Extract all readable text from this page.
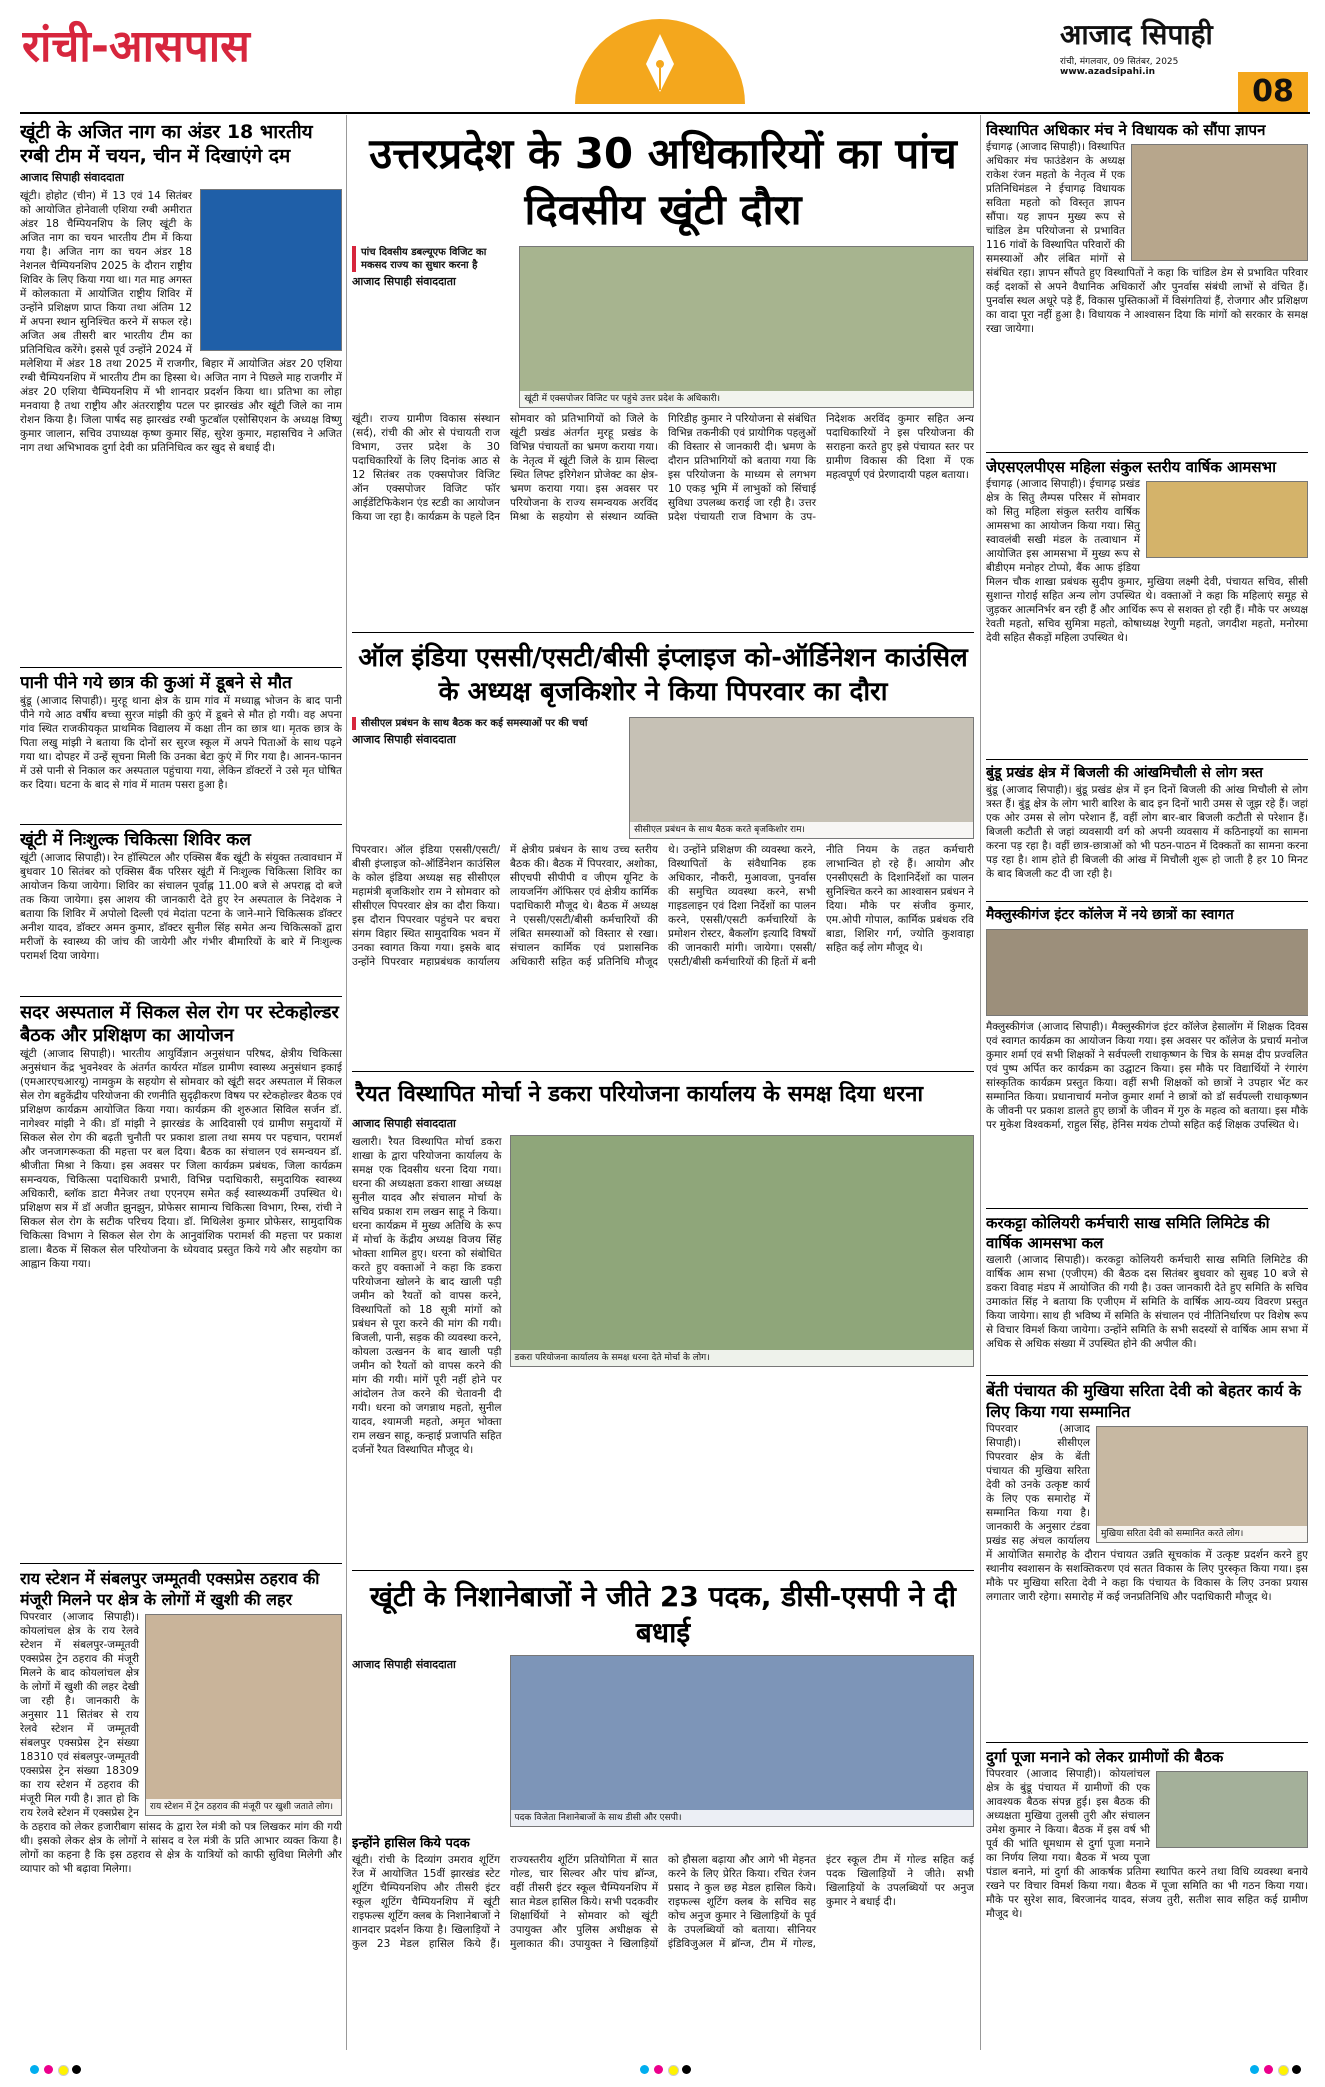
रांची-आसपास	आजाद सिपाही
रांची, मंगलवार, 09 सितंबर, 2025
www.azadsipahi.in
08
खूंटी के अजित नाग का अंडर 18 भारतीय रग्बी टीम में चयन, चीन में दिखाएंगे दम
आजाद सिपाही संवाददाता
खूंटी। होहोट (चीन) में 13 एवं 14 सितंबर को आयोजित होनेवाली एशिया रग्बी अमीरात अंडर 18 चैम्पियनशिप के लिए खूंटी के अजित नाग का चयन भारतीय टीम में किया गया है। अजित नाग का चयन अंडर 18 नेशनल चैम्पियनशिप 2025 के दौरान राष्ट्रीय शिविर के लिए किया गया था। गत माह अगस्त में कोलकाता में आयोजित राष्ट्रीय शिविर में उन्होंने प्रशिक्षण प्राप्त किया तथा अंतिम 12 में अपना स्थान सुनिश्चित करने में सफल रहे। अजित अब तीसरी बार भारतीय टीम का प्रतिनिधित्व करेंगे। इससे पूर्व उन्होंने 2024 में मलेशिया में अंडर 18 तथा 2025 में राजगीर, बिहार में आयोजित अंडर 20 एशिया रग्बी चैम्पियनशिप में भारतीय टीम का हिस्सा थे। अजित नाग ने पिछले माह राजगीर में अंडर 20 एशिया चैम्पियनशिप में भी शानदार प्रदर्शन किया था। प्रतिभा का लोहा मनवाया है तथा राष्ट्रीय और अंतरराष्ट्रीय पटल पर झारखंड और खूंटी जिले का नाम रोशन किया है। जिला पार्षद सह झारखंड रग्बी फुटबॉल एसोसिएशन के अध्यक्ष विष्णु कुमार जालान, सचिव उपाध्यक्ष कृष्ण कुमार सिंह, सुरेश कुमार, महासचिव ने अजित नाग तथा अभिभावक दुर्गा देवी का प्रतिनिधित्व कर खुद से बधाई दी।
पानी पीने गये छात्र की कुआं में डूबने से मौत
बुंडू (आजाद सिपाही)। मुरहू थाना क्षेत्र के ग्राम गांव में मध्याह्न भोजन के बाद पानी पीने गये आठ वर्षीय बच्चा सुरज मांझी की कुएं में डूबने से मौत हो गयी। वह अपना गांव स्थित राजकीयकृत प्राथमिक विद्यालय में कक्षा तीन का छात्र था। मृतक छात्र के पिता लखु मांझी ने बताया कि दोनों सर सुरज स्कूल में अपने पिताओं के साथ पढ़ने गया था। दोपहर में उन्हें सूचना मिली कि उनका बेटा कुएं में गिर गया है। आनन-फानन में उसे पानी से निकाल कर अस्पताल पहुंचाया गया, लेकिन डॉक्टरों ने उसे मृत घोषित कर दिया। घटना के बाद से गांव में मातम पसरा हुआ है।
खूंटी में निःशुल्क चिकित्सा शिविर कल
खूंटी (आजाद सिपाही)। रेन हॉस्पिटल और एक्सिस बैंक खूंटी के संयुक्त तत्वावधान में बुधवार 10 सितंबर को एक्सिस बैंक परिसर खूंटी में निःशुल्क चिकित्सा शिविर का आयोजन किया जायेगा। शिविर का संचालन पूर्वाह्न 11.00 बजे से अपराह्न दो बजे तक किया जायेगा। इस आशय की जानकारी देते हुए रेन अस्पताल के निदेशक ने बताया कि शिविर में अपोलो दिल्ली एवं मेदांता पटना के जाने-माने चिकित्सक डॉक्टर अनीश यादव, डॉक्टर अमन कुमार, डॉक्टर सुनील सिंह समेत अन्य चिकित्सकों द्वारा मरीजों के स्वास्थ्य की जांच की जायेगी और गंभीर बीमारियों के बारे में निःशुल्क परामर्श दिया जायेगा।
सदर अस्पताल में सिकल सेल रोग पर स्टेकहोल्डर बैठक और प्रशिक्षण का आयोजन
खूंटी (आजाद सिपाही)। भारतीय आयुर्विज्ञान अनुसंधान परिषद, क्षेत्रीय चिकित्सा अनुसंधान केंद्र भुवनेश्वर के अंतर्गत कार्यरत मॉडल ग्रामीण स्वास्थ्य अनुसंधान इकाई (एमआरएचआरयू) नामकुम के सहयोग से सोमवार को खूंटी सदर अस्पताल में सिकल सेल रोग बहुकेंद्रीय परियोजना की रणनीति सुदृढ़ीकरण विषय पर स्टेकहोल्डर बैठक एवं प्रशिक्षण कार्यक्रम आयोजित किया गया। कार्यक्रम की शुरुआत सिविल सर्जन डॉ. नागेश्वर मांझी ने की। डॉ मांझी ने झारखंड के आदिवासी एवं ग्रामीण समुदायों में सिकल सेल रोग की बढ़ती चुनौती पर प्रकाश डाला तथा समय पर पहचान, परामर्श और जनजागरूकता की महत्ता पर बल दिया। बैठक का संचालन एवं समन्वयन डॉ. श्रीजीता मिश्रा ने किया। इस अवसर पर जिला कार्यक्रम प्रबंधक, जिला कार्यक्रम समन्वयक, चिकित्सा पदाधिकारी प्रभारी, विभिन्न पदाधिकारी, समुदायिक स्वास्थ्य अधिकारी, ब्लॉक डाटा मैनेजर तथा एएनएम समेत कई स्वास्थ्यकर्मी उपस्थित थे। प्रशिक्षण सत्र में डॉ अजीत झुनझुन, प्रोफेसर सामान्य चिकित्सा विभाग, रिम्स, रांची ने सिकल सेल रोग के सटीक परिचय दिया। डॉ. मिथिलेश कुमार प्रोफेसर, सामुदायिक चिकित्सा विभाग ने सिकल सेल रोग के आनुवांशिक परामर्श की महत्ता पर प्रकाश डाला। बैठक में सिकल सेल परियोजना के ध्येयवाद प्रस्तुत किये गये और सहयोग का आह्वान किया गया।
राय स्टेशन में संबलपुर जम्मूतवी एक्सप्रेस ठहराव की मंजूरी मिलने पर क्षेत्र के लोगों में खुशी की लहर
राय स्टेशन में ट्रेन ठहराव की मंजूरी पर खुशी जताते लोग।
पिपरवार (आजाद सिपाही)। कोयलांचल क्षेत्र के राय रेलवे स्टेशन में संबलपुर-जम्मूतवी एक्सप्रेस ट्रेन ठहराव की मंजूरी मिलने के बाद कोयलांचल क्षेत्र के लोगों में खुशी की लहर देखी जा रही है। जानकारी के अनुसार 11 सितंबर से राय रेलवे स्टेशन में जम्मूतवी संबलपुर एक्सप्रेस ट्रेन संख्या 18310 एवं संबलपुर-जम्मूतवी एक्सप्रेस ट्रेन संख्या 18309 का राय स्टेशन में ठहराव की मंजूरी मिल गयी है। ज्ञात हो कि राय रेलवे स्टेशन में एक्सप्रेस ट्रेन के ठहराव को लेकर हजारीबाग सांसद के द्वारा रेल मंत्री को पत्र लिखकर मांग की गयी थी। इसको लेकर क्षेत्र के लोगों ने सांसद व रेल मंत्री के प्रति आभार व्यक्त किया है। लोगों का कहना है कि इस ठहराव से क्षेत्र के यात्रियों को काफी सुविधा मिलेगी और व्यापार को भी बढ़ावा मिलेगा।
उत्तरप्रदेश के 30 अधिकारियों का पांच दिवसीय खूंटी दौरा
पांच दिवसीय डबल्यूएफ विजिट का मकसद राज्य का सुधार करना है
आजाद सिपाही संवाददाता
खूंटी में एक्सपोजर विजिट पर पहुंचे उत्तर प्रदेश के अधिकारी।
खूंटी। राज्य ग्रामीण विकास संस्थान (सर्द), रांची की ओर से पंचायती राज विभाग, उत्तर प्रदेश के 30 पदाधिकारियों के लिए दिनांक आठ से 12 सितंबर तक एक्सपोजर विजिट ऑन एक्सपोजर विजिट फॉर आईडेंटिफिकेशन एंड स्टडी का आयोजन किया जा रहा है। कार्यक्रम के पहले दिन सोमवार को प्रतिभागियों को जिले के खूंटी प्रखंड अंतर्गत मुरहू प्रखंड के विभिन्न पंचायतों का भ्रमण कराया गया। के नेतृत्व में खूंटी जिले के ग्राम सिल्दा स्थित लिफ्ट इरिगेशन प्रोजेक्ट का क्षेत्र-भ्रमण कराया गया। इस अवसर पर परियोजना के राज्य समन्वयक अरविंद मिश्रा के सहयोग से संस्थान व्यक्ति गिरिडीह कुमार ने परियोजना से संबंधित विभिन्न तकनीकी एवं प्रायोगिक पहलुओं की विस्तार से जानकारी दी। भ्रमण के दौरान प्रतिभागियों को बताया गया कि इस परियोजना के माध्यम से लगभग 10 एकड़ भूमि में लाभुकों को सिंचाई सुविधा उपलब्ध कराई जा रही है। उत्तर प्रदेश पंचायती राज विभाग के उप-निदेशक अरविंद कुमार सहित अन्य पदाधिकारियों ने इस परियोजना की सराहना करते हुए इसे पंचायत स्तर पर ग्रामीण विकास की दिशा में एक महत्वपूर्ण एवं प्रेरणादायी पहल बताया।
ऑल इंडिया एससी/एसटी/बीसी इंप्लाइज को-ऑर्डिनेशन काउंसिल के अध्यक्ष बृजकिशोर ने किया पिपरवार का दौरा
सीसीएल प्रबंधन के साथ बैठक कर कई समस्याओं पर की चर्चा
आजाद सिपाही संवाददाता
सीसीएल प्रबंधन के साथ बैठक करते बृजकिशोर राम।
पिपरवार। ऑल इंडिया एससी/एसटी/बीसी इंप्लाइज को-ऑर्डिनेशन काउंसिल के कोल इंडिया अध्यक्ष सह सीसीएल महामंत्री बृजकिशोर राम ने सोमवार को सीसीएल पिपरवार क्षेत्र का दौरा किया। इस दौरान पिपरवार पहुंचने पर बचरा संगम विहार स्थित सामुदायिक भवन में उनका स्वागत किया गया। इसके बाद उन्होंने पिपरवार महाप्रबंधक कार्यालय में क्षेत्रीय प्रबंधन के साथ उच्च स्तरीय बैठक की। बैठक में पिपरवार, अशोका, सीएचपी सीपीपी व जीएम यूनिट के लायजनिंग ऑफिसर एवं क्षेत्रीय कार्मिक पदाधिकारी मौजूद थे। बैठक में अध्यक्ष ने एससी/एसटी/बीसी कर्मचारियों की लंबित समस्याओं को विस्तार से रखा। संचालन कार्मिक एवं प्रशासनिक अधिकारी सहित कई प्रतिनिधि मौजूद थे। उन्होंने प्रशिक्षण की व्यवस्था करने, विस्थापितों के संवैधानिक हक अधिकार, नौकरी, मुआवजा, पुनर्वास की समुचित व्यवस्था करने, सभी गाइडलाइन एवं दिशा निर्देशों का पालन करने, एससी/एसटी कर्मचारियों के प्रमोशन रोस्टर, बैकलॉग इत्यादि विषयों की जानकारी मांगी। जायेगा। एससी/एसटी/बीसी कर्मचारियों की हितों में बनी नीति नियम के तहत कर्मचारी लाभान्वित हो रहे हैं। आयोग और एनसीएसटी के दिशानिर्देशों का पालन सुनिश्चित करने का आश्वासन प्रबंधन ने दिया। मौके पर संजीव कुमार, एम.ओपी गोपाल, कार्मिक प्रबंधक रवि बाडा, शिशिर गर्ग, ज्योति कुशवाहा सहित कई लोग मौजूद थे।
रैयत विस्थापित मोर्चा ने डकरा परियोजना कार्यालय के समक्ष दिया धरना
आजाद सिपाही संवाददाता
खलारी। रैयत विस्थापित मोर्चा डकरा शाखा के द्वारा परियोजना कार्यालय के समक्ष एक दिवसीय धरना दिया गया। धरना की अध्यक्षता डकरा शाखा अध्यक्ष सुनील यादव और संचालन मोर्चा के सचिव प्रकाश राम लखन साहू ने किया। धरना कार्यक्रम में मुख्य अतिथि के रूप में मोर्चा के केंद्रीय अध्यक्ष विजय सिंह भोक्ता शामिल हुए। धरना को संबोधित करते हुए वक्ताओं ने कहा कि डकरा परियोजना खोलने के बाद खाली पड़ी जमीन को रैयतों को वापस करने, विस्थापितों को 18 सूत्री मांगों को प्रबंधन से पूरा करने की मांग की गयी। बिजली, पानी, सड़क की व्यवस्था करने, कोयला उत्खनन के बाद खाली पड़ी जमीन को रैयतों को वापस करने की मांग की गयी। मांगें पूरी नहीं होने पर आंदोलन तेज करने की चेतावनी दी गयी। धरना को जगन्नाथ महतो, सुनील यादव, श्यामजी महतो, अमृत भोक्ता राम लखन साहू, कन्हाई प्रजापति सहित दर्जनों रैयत विस्थापित मौजूद थे।
डकरा परियोजना कार्यालय के समक्ष धरना देते मोर्चा के लोग।
खूंटी के निशानेबाजों ने जीते 23 पदक, डीसी-एसपी ने दी बधाई
आजाद सिपाही संवाददाता
पदक विजेता निशानेबाजों के साथ डीसी और एसपी।
इन्होंने हासिल किये पदक
खूंटी। रांची के दिव्यांग उमराव शूटिंग रेंज में आयोजित 15वीं झारखंड स्टेट शूटिंग चैम्पियनशिप और तीसरी इंटर स्कूल शूटिंग चैम्पियनशिप में खूंटी राइफल्स शूटिंग क्लब के निशानेबाजों ने शानदार प्रदर्शन किया है। खिलाड़ियों ने कुल 23 मेडल हासिल किये हैं। राज्यस्तरीय शूटिंग प्रतियोगिता में सात गोल्ड, चार सिल्वर और पांच ब्रॉन्ज, वहीं तीसरी इंटर स्कूल चैम्पियनशिप में सात मेडल हासिल किये। सभी पदकवीर शिक्षार्थियों ने सोमवार को खूंटी उपायुक्त और पुलिस अधीक्षक से मुलाकात की। उपायुक्त ने खिलाड़ियों को हौसला बढ़ाया और आगे भी मेहनत करने के लिए प्रेरित किया। रचित रंजन प्रसाद ने कुल छह मेडल हासिल किये। राइफल्स शूटिंग क्लब के सचिव सह कोच अनुज कुमार ने खिलाड़ियों के पूर्व के उपलब्धियों को बताया। सीनियर इंडिविजुअल में ब्रॉन्ज, टीम में गोल्ड, इंटर स्कूल टीम में गोल्ड सहित कई पदक खिलाड़ियों ने जीते। सभी खिलाड़ियों के उपलब्धियों पर अनुज कुमार ने बधाई दी।
विस्थापित अधिकार मंच ने विधायक को सौंपा ज्ञापन
ईचागढ़ (आजाद सिपाही)। विस्थापित अधिकार मंच फाउंडेशन के अध्यक्ष राकेश रंजन महतो के नेतृत्व में एक प्रतिनिधिमंडल ने ईचागढ़ विधायक सविता महतो को विस्तृत ज्ञापन सौंपा। यह ज्ञापन मुख्य रूप से चांडिल डेम परियोजना से प्रभावित 116 गांवों के विस्थापित परिवारों की समस्याओं और लंबित मांगों से संबंधित रहा। ज्ञापन सौंपते हुए विस्थापितों ने कहा कि चांडिल डेम से प्रभावित परिवार कई दशकों से अपने वैधानिक अधिकारों और पुनर्वास संबंधी लाभों से वंचित हैं। पुनर्वास स्थल अधूरे पड़े हैं, विकास पुस्तिकाओं में विसंगतियां हैं, रोजगार और प्रशिक्षण का वादा पूरा नहीं हुआ है। विधायक ने आश्वासन दिया कि मांगों को सरकार के समक्ष रखा जायेगा।
जेएसएलपीएस महिला संकुल स्तरीय वार्षिक आमसभा
ईचागढ़ (आजाद सिपाही)। ईचागढ़ प्रखंड क्षेत्र के सितु लैम्पस परिसर में सोमवार को सितु महिला संकुल स्तरीय वार्षिक आमसभा का आयोजन किया गया। सितु स्वावलंबी सखी मंडल के तत्वाधान में आयोजित इस आमसभा में मुख्य रूप से बीडीएम मनोहर टोप्पो, बैंक आफ इंडिया मिलन चौक शाखा प्रबंधक सुदीप कुमार, मुखिया लक्ष्मी देवी, पंचायत सचिव, सीसी सुशान्त गोराई सहित अन्य लोग उपस्थित थे। वक्ताओं ने कहा कि महिलाएं समूह से जुड़कर आत्मनिर्भर बन रही हैं और आर्थिक रूप से सशक्त हो रही हैं। मौके पर अध्यक्ष रेवती महतो, सचिव सुमित्रा महतो, कोषाध्यक्ष रेणुगी महतो, जगदीश महतो, मनोरमा देवी सहित सैकड़ों महिला उपस्थित थे।
बुंडू प्रखंड क्षेत्र में बिजली की आंखमिचौली से लोग त्रस्त
बुंडू (आजाद सिपाही)। बुंडू प्रखंड क्षेत्र में इन दिनों बिजली की आंख मिचौली से लोग त्रस्त हैं। बुंडू क्षेत्र के लोग भारी बारिश के बाद इन दिनों भारी उमस से जूझ रहे हैं। जहां एक ओर उमस से लोग परेशान हैं, वहीं लोग बार-बार बिजली कटौती से परेशान हैं। बिजली कटौती से जहां व्यवसायी वर्ग को अपनी व्यवसाय में कठिनाइयों का सामना करना पड़ रहा है। वहीं छात्र-छात्राओं को भी पठन-पाठन में दिक्कतों का सामना करना पड़ रहा है। शाम होते ही बिजली की आंख में मिचौली शुरू हो जाती है हर 10 मिनट के बाद बिजली कट दी जा रही है।
मैक्लुस्कीगंज इंटर कॉलेज में नये छात्रों का स्वागत
मैक्लुस्कीगंज (आजाद सिपाही)। मैक्लुस्कीगंज इंटर कॉलेज हेसालोंग में शिक्षक दिवस एवं स्वागत कार्यक्रम का आयोजन किया गया। इस अवसर पर कॉलेज के प्रचार्य मनोज कुमार शर्मा एवं सभी शिक्षकों ने सर्वपल्ली राधाकृष्णन के चित्र के समक्ष दीप प्रज्वलित एवं पुष्प अर्पित कर कार्यक्रम का उद्घाटन किया। इस मौके पर विद्यार्थियों ने रंगारंग सांस्कृतिक कार्यक्रम प्रस्तुत किया। वहीं सभी शिक्षकों को छात्रों ने उपहार भेंट कर सम्मानित किया। प्रधानाचार्य मनोज कुमार शर्मा ने छात्रों को डॉ सर्वपल्ली राधाकृष्णन के जीवनी पर प्रकाश डालते हुए छात्रों के जीवन में गुरु के महत्व को बताया। इस मौके पर मुकेश विश्वकर्मा, राहुल सिंह, हेनिस मयंक टोप्पो सहित कई शिक्षक उपस्थित थे।
करकट्टा कोलियरी कर्मचारी साख समिति लिमिटेड की वार्षिक आमसभा कल
खलारी (आजाद सिपाही)। करकट्टा कोलियरी कर्मचारी साख समिति लिमिटेड की वार्षिक आम सभा (एजीएम) की बैठक दस सितंबर बुधवार को सुबह 10 बजे से डकरा विवाह मंडप में आयोजित की गयी है। उक्त जानकारी देते हुए समिति के सचिव उमाकांत सिंह ने बताया कि एजीएम में समिति के वार्षिक आय-व्यय विवरण प्रस्तुत किया जायेगा। साथ ही भविष्य में समिति के संचालन एवं नीतिनिर्धारण पर विशेष रूप से विचार विमर्श किया जायेगा। उन्होंने समिति के सभी सदस्यों से वार्षिक आम सभा में अधिक से अधिक संख्या में उपस्थित होने की अपील की।
बेंती पंचायत की मुखिया सरिता देवी को बेहतर कार्य के लिए किया गया सम्मानित
मुखिया सरिता देवी को सम्मानित करते लोग।
पिपरवार (आजाद सिपाही)। सीसीएल पिपरवार क्षेत्र के बेंती पंचायत की मुखिया सरिता देवी को उनके उत्कृष्ट कार्य के लिए एक समारोह में सम्मानित किया गया है। जानकारी के अनुसार टंडवा प्रखंड सह अंचल कार्यालय में आयोजित समारोह के दौरान पंचायत उन्नति सूचकांक में उत्कृष्ट प्रदर्शन करने हुए स्थानीय स्वशासन के सशक्तिकरण एवं सतत विकास के लिए पुरस्कृत किया गया। इस मौके पर मुखिया सरिता देवी ने कहा कि पंचायत के विकास के लिए उनका प्रयास लगातार जारी रहेगा। समारोह में कई जनप्रतिनिधि और पदाधिकारी मौजूद थे।
दुर्गा पूजा मनाने को लेकर ग्रामीणों की बैठक
पिपरवार (आजाद सिपाही)। कोयलांचल क्षेत्र के बुंडू पंचायत में ग्रामीणों की एक आवश्यक बैठक संपन्न हुई। इस बैठक की अध्यक्षता मुखिया तुलसी तुरी और संचालन उमेश कुमार ने किया। बैठक में इस वर्ष भी पूर्व की भांति धूमधाम से दुर्गा पूजा मनाने का निर्णय लिया गया। बैठक में भव्य पूजा पंडाल बनाने, मां दुर्गा की आकर्षक प्रतिमा स्थापित करने तथा विधि व्यवस्था बनाये रखने पर विचार विमर्श किया गया। बैठक में पूजा समिति का भी गठन किया गया। मौके पर सुरेश साव, बिरजानंद यादव, संजय तुरी, सतीश साव सहित कई ग्रामीण मौजूद थे।
